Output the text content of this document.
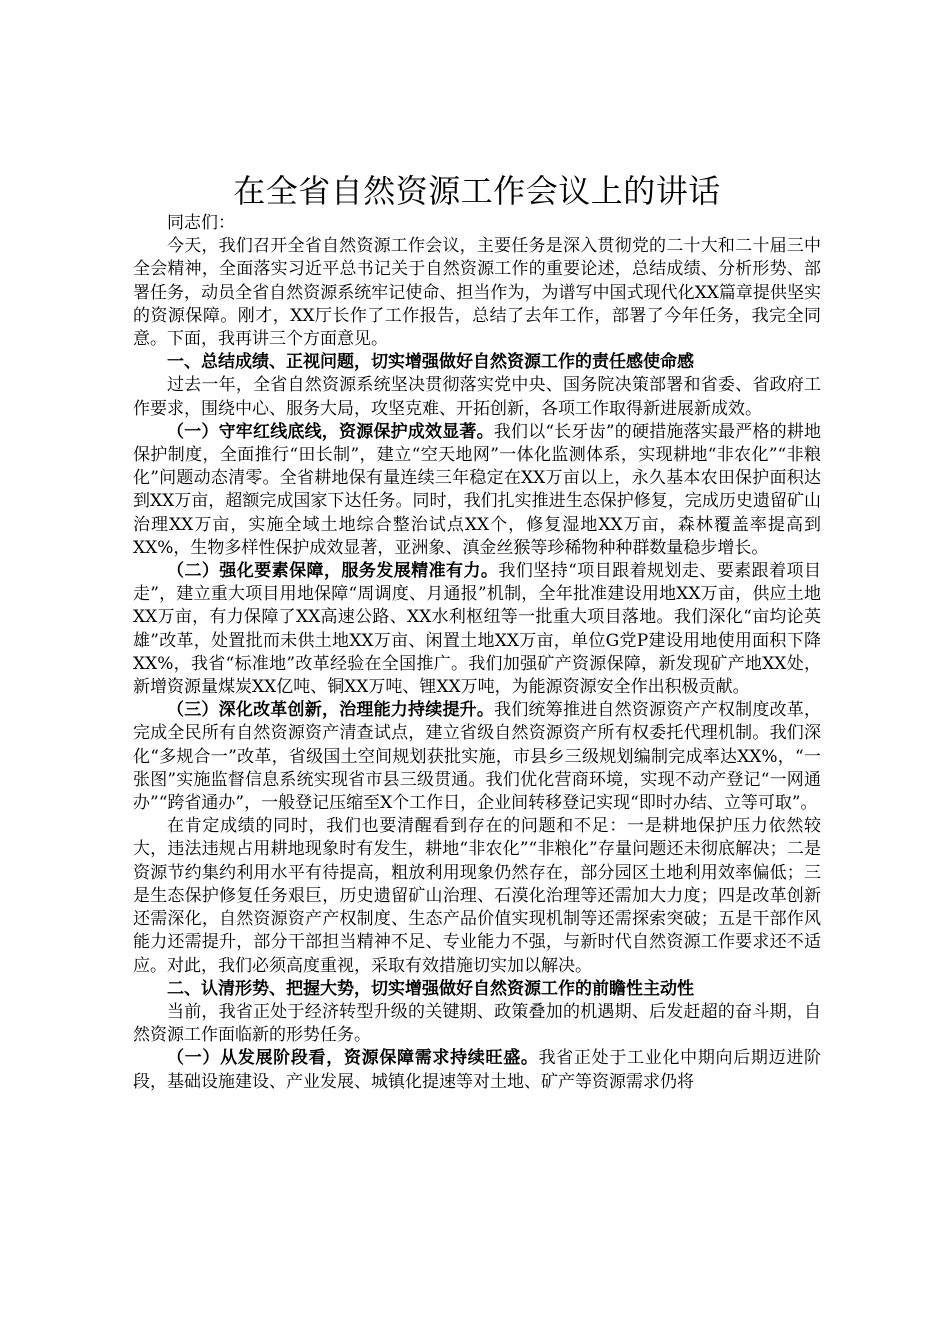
在全省自然资源工作会议上的讲话

同志们：

今天，我们召开全省自然资源工作会议，主要任务是深入贯彻党的二十大和二十届三中全会精神，全面落实习近平总书记关于自然资源工作的重要论述，总结成绩、分析形势、部署任务，动员全省自然资源系统牢记使命、担当作为，为谱写中国式现代化XX篇章提供坚实的资源保障。刚才，XX厅长作了工作报告，总结了去年工作，部署了今年任务，我完全同意。下面，我再讲三个方面意见。

一、总结成绩、正视问题，切实增强做好自然资源工作的责任感使命感

过去一年，全省自然资源系统坚决贯彻落实党中央、国务院决策部署和省委、省政府工作要求，围绕中心、服务大局，攻坚克难、开拓创新，各项工作取得新进展新成效。

（一）守牢红线底线，资源保护成效显著。我们以“长牙齿”的硬措施落实最严格的耕地保护制度，全面推行“田长制”，建立“空天地网”一体化监测体系，实现耕地“非农化”“非粮化”问题动态清零。全省耕地保有量连续三年稳定在XX万亩以上，永久基本农田保护面积达到XX万亩，超额完成国家下达任务。同时，我们扎实推进生态保护修复，完成历史遗留矿山治理XX万亩，实施全域土地综合整治试点XX个，修复湿地XX万亩，森林覆盖率提高到XX%，生物多样性保护成效显著，亚洲象、滇金丝猴等珍稀物种种群数量稳步增长。

（二）强化要素保障，服务发展精准有力。我们坚持“项目跟着规划走、要素跟着项目走”，建立重大项目用地保障“周调度、月通报”机制，全年批准建设用地XX万亩，供应土地XX万亩，有力保障了XX高速公路、XX水利枢纽等一批重大项目落地。我们深化“亩均论英雄”改革，处置批而未供土地XX万亩、闲置土地XX万亩，单位G党P建设用地使用面积下降XX%，我省“标准地”改革经验在全国推广。我们加强矿产资源保障，新发现矿产地XX处，新增资源量煤炭XX亿吨、铜XX万吨、锂XX万吨，为能源资源安全作出积极贡献。

（三）深化改革创新，治理能力持续提升。我们统筹推进自然资源资产产权制度改革，完成全民所有自然资源资产清查试点，建立省级自然资源资产所有权委托代理机制。我们深化“多规合一”改革，省级国土空间规划获批实施，市县乡三级规划编制完成率达XX%，“一张图”实施监督信息系统实现省市县三级贯通。我们优化营商环境，实现不动产登记“一网通办”“跨省通办”，一般登记压缩至X个工作日，企业间转移登记实现“即时办结、立等可取”。

在肯定成绩的同时，我们也要清醒看到存在的问题和不足：一是耕地保护压力依然较大，违法违规占用耕地现象时有发生，耕地“非农化”“非粮化”存量问题还未彻底解决；二是资源节约集约利用水平有待提高，粗放利用现象仍然存在，部分园区土地利用效率偏低；三是生态保护修复任务艰巨，历史遗留矿山治理、石漠化治理等还需加大力度；四是改革创新还需深化，自然资源资产产权制度、生态产品价值实现机制等还需探索突破；五是干部作风能力还需提升，部分干部担当精神不足、专业能力不强，与新时代自然资源工作要求还不适应。对此，我们必须高度重视，采取有效措施切实加以解决。

二、认清形势、把握大势，切实增强做好自然资源工作的前瞻性主动性

当前，我省正处于经济转型升级的关键期、政策叠加的机遇期、后发赶超的奋斗期，自然资源工作面临新的形势任务。

（一）从发展阶段看，资源保障需求持续旺盛。我省正处于工业化中期向后期迈进阶段，基础设施建设、产业发展、城镇化提速等对土地、矿产等资源需求仍将
